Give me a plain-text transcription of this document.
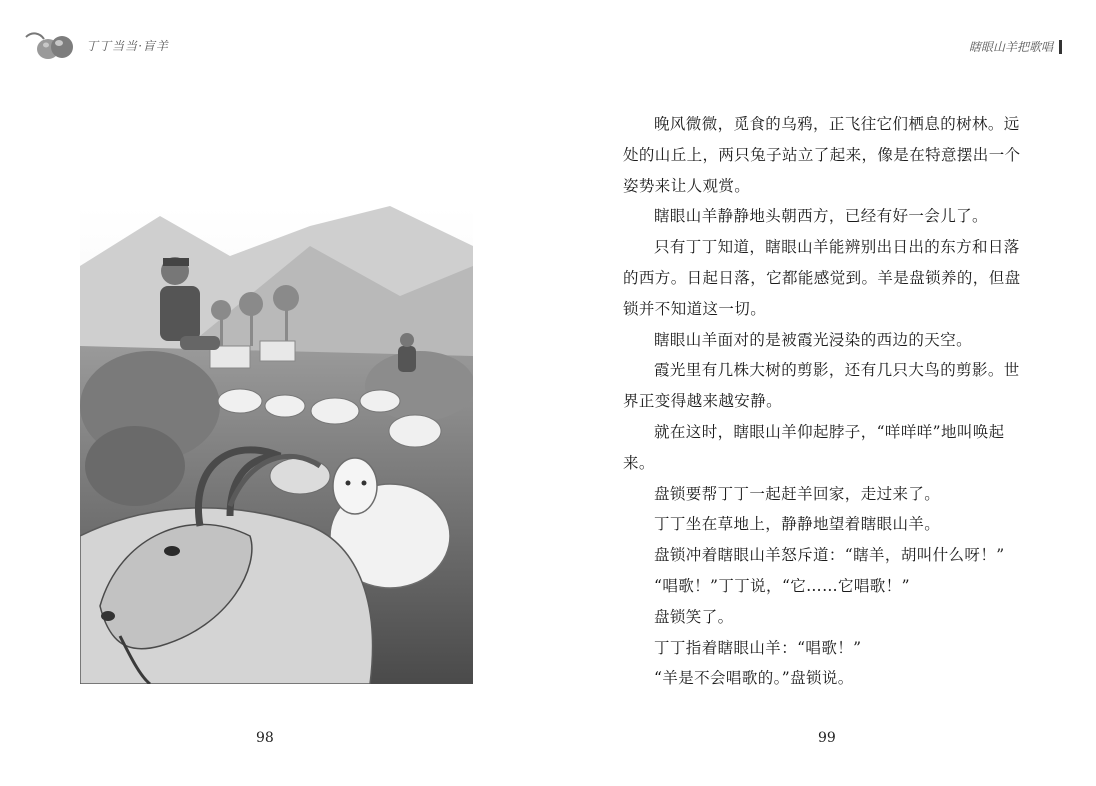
丁丁当当·盲羊
98
瞎眼山羊把歌唱

晚风微微，觅食的乌鸦，正飞往它们栖息的树林。远处的山丘上，两只兔子站立了起来，像是在特意摆出一个姿势来让人观赏。

瞎眼山羊静静地头朝西方，已经有好一会儿了。

只有丁丁知道，瞎眼山羊能辨别出日出的东方和日落的西方。日起日落，它都能感觉到。羊是盘锁养的，但盘锁并不知道这一切。

瞎眼山羊面对的是被霞光浸染的西边的天空。

霞光里有几株大树的剪影，还有几只大鸟的剪影。世界正变得越来越安静。

就在这时，瞎眼山羊仰起脖子，“咩咩咩”地叫唤起来。

盘锁要帮丁丁一起赶羊回家，走过来了。

丁丁坐在草地上，静静地望着瞎眼山羊。

盘锁冲着瞎眼山羊怒斥道：“瞎羊，胡叫什么呀！”

“唱歌！”丁丁说，“它……它唱歌！”

盘锁笑了。

丁丁指着瞎眼山羊：“唱歌！”

“羊是不会唱歌的。”盘锁说。

99
